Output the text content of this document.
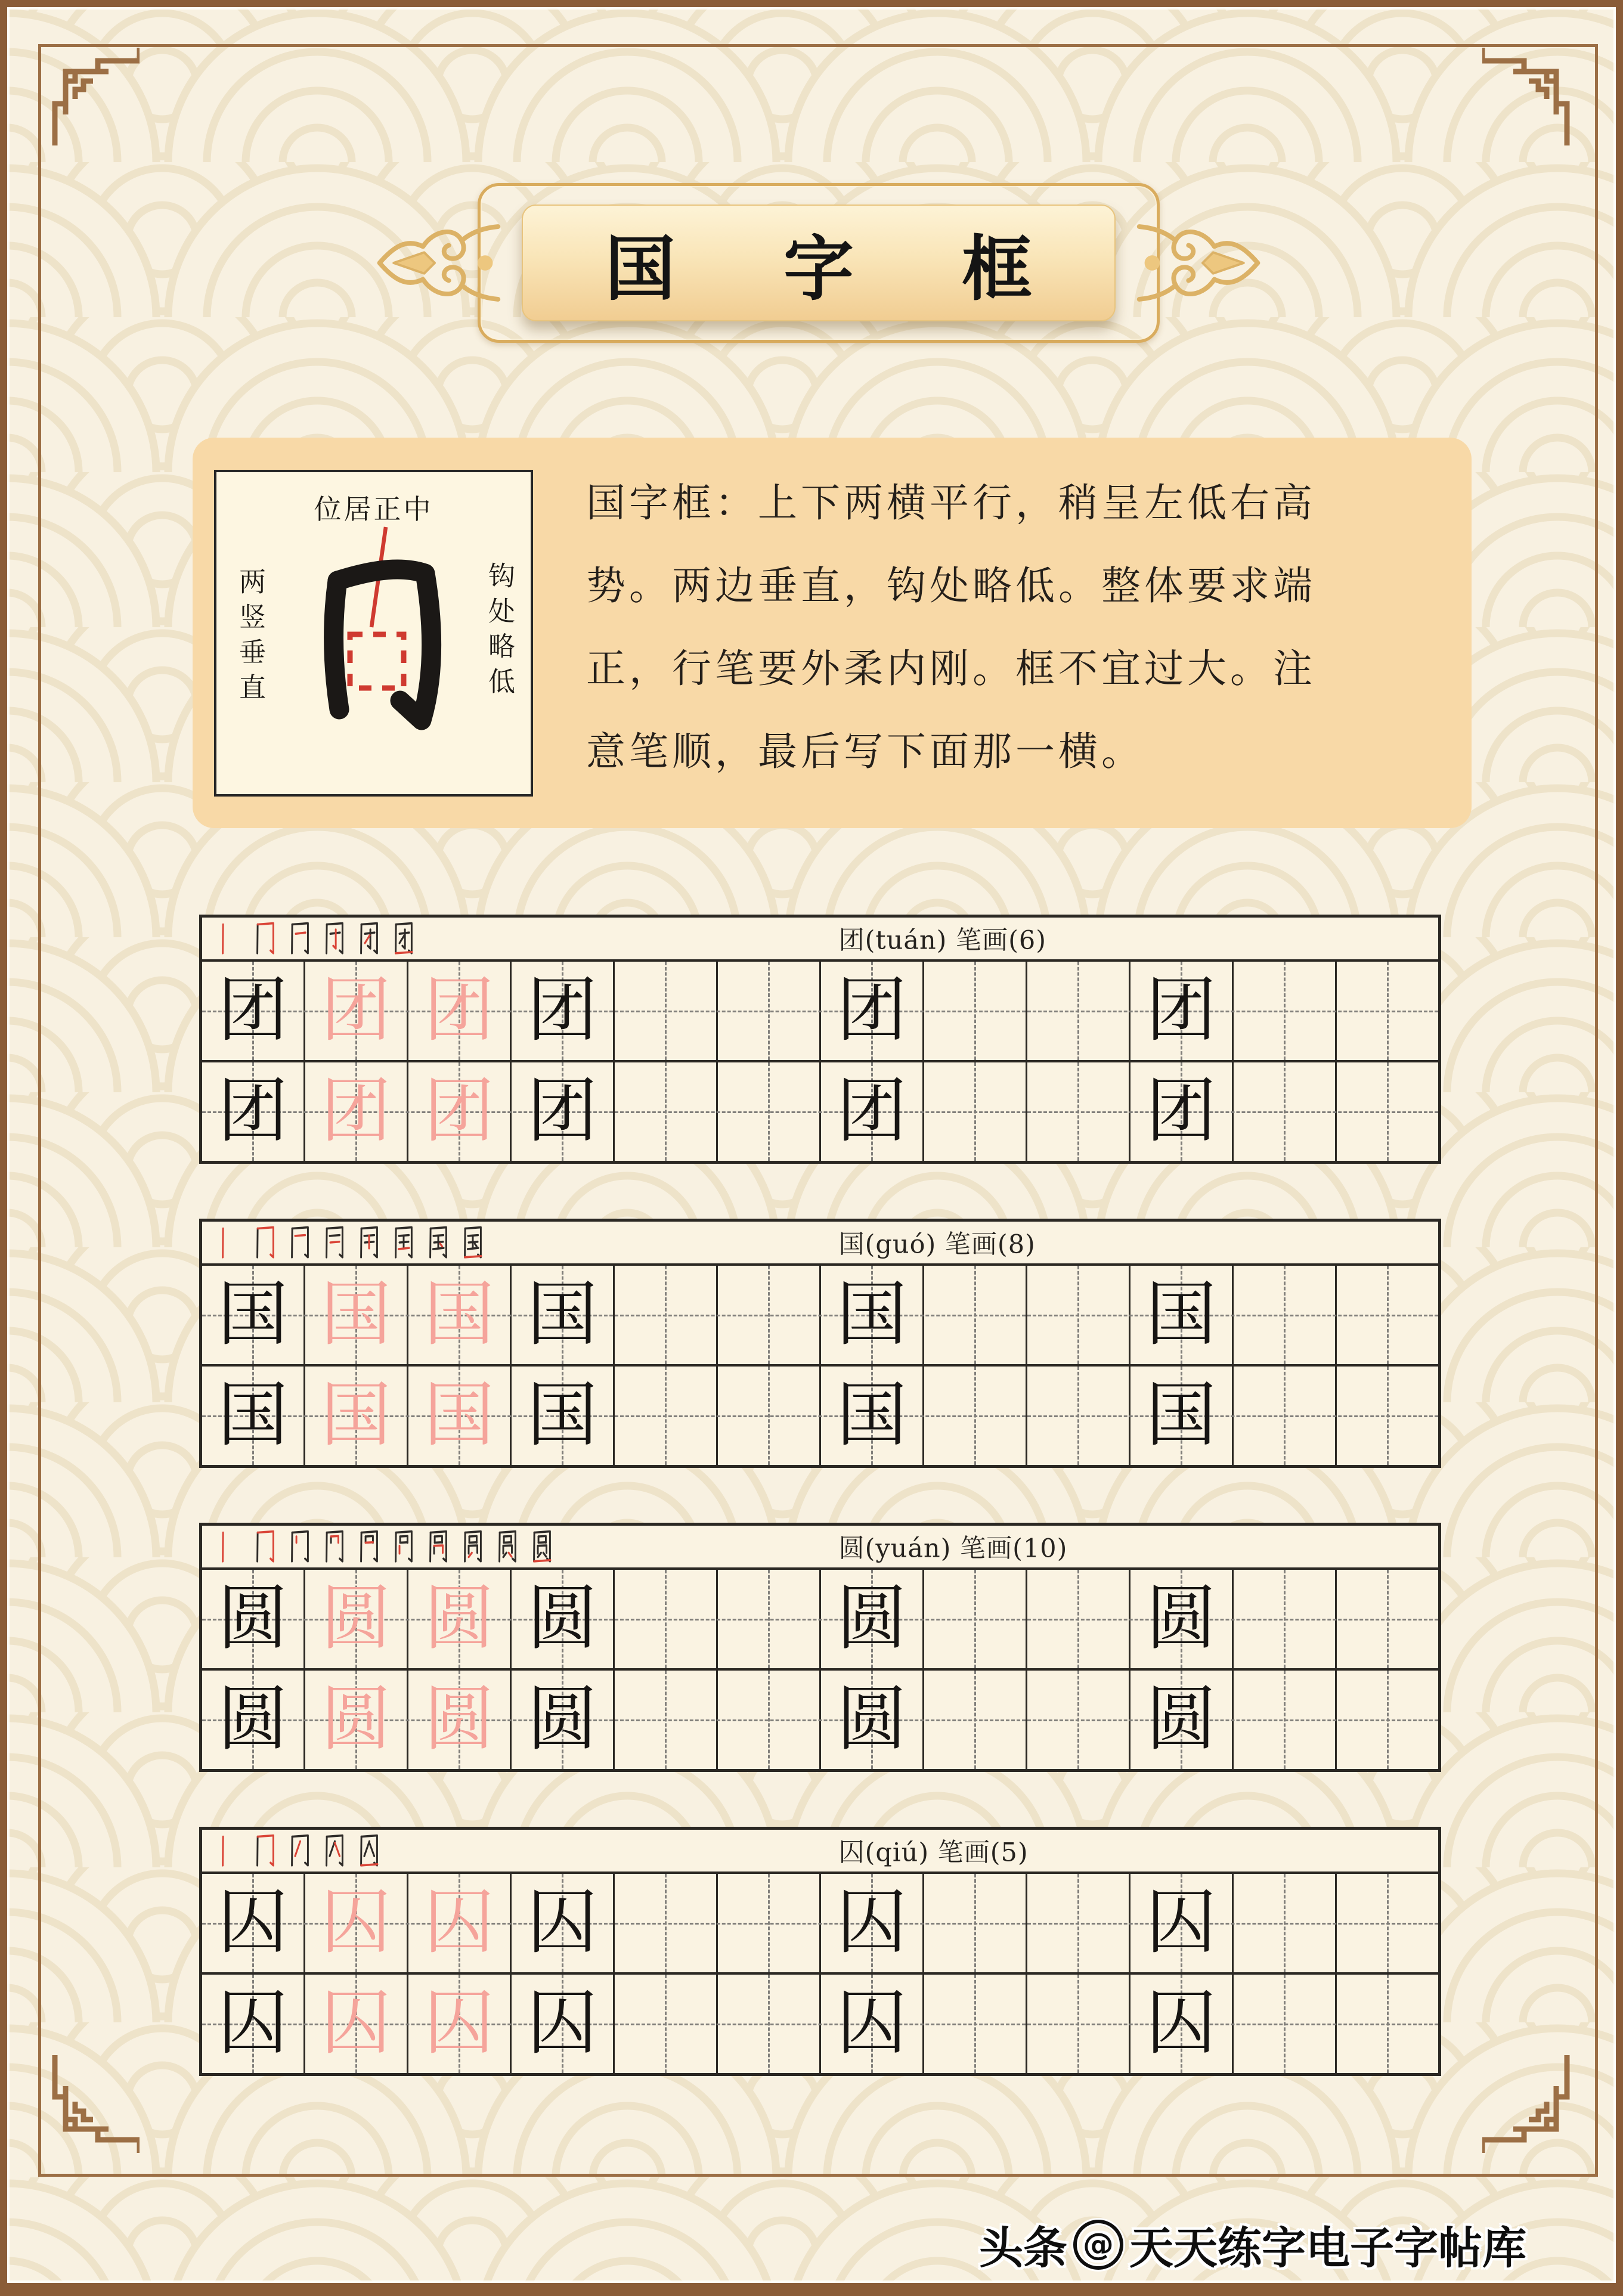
国 字 框
位居正中
两竖垂直	钩处略低
国字框：上下两横平行，稍呈左低右高
势。两边垂直，钩处略低。整体要求端
正，行笔要外柔内刚。框不宜过大。注
意笔顺，最后写下面那一横。
团(tuán) 笔画(6)
团 团 团 团	团	团
团 团 团 团	团	团
国(guó) 笔画(8)
国 国 国 国	国	国
国 国 国 国	国	国
圆(yuán) 笔画(10)
圆 圆 圆 圆	圆	圆
圆 圆 圆 圆	圆	圆
囚(qiú) 笔画(5)
囚 囚 囚 囚	囚	囚
囚 囚 囚 囚	囚	囚
头条 @ 天天练字电子字帖库
